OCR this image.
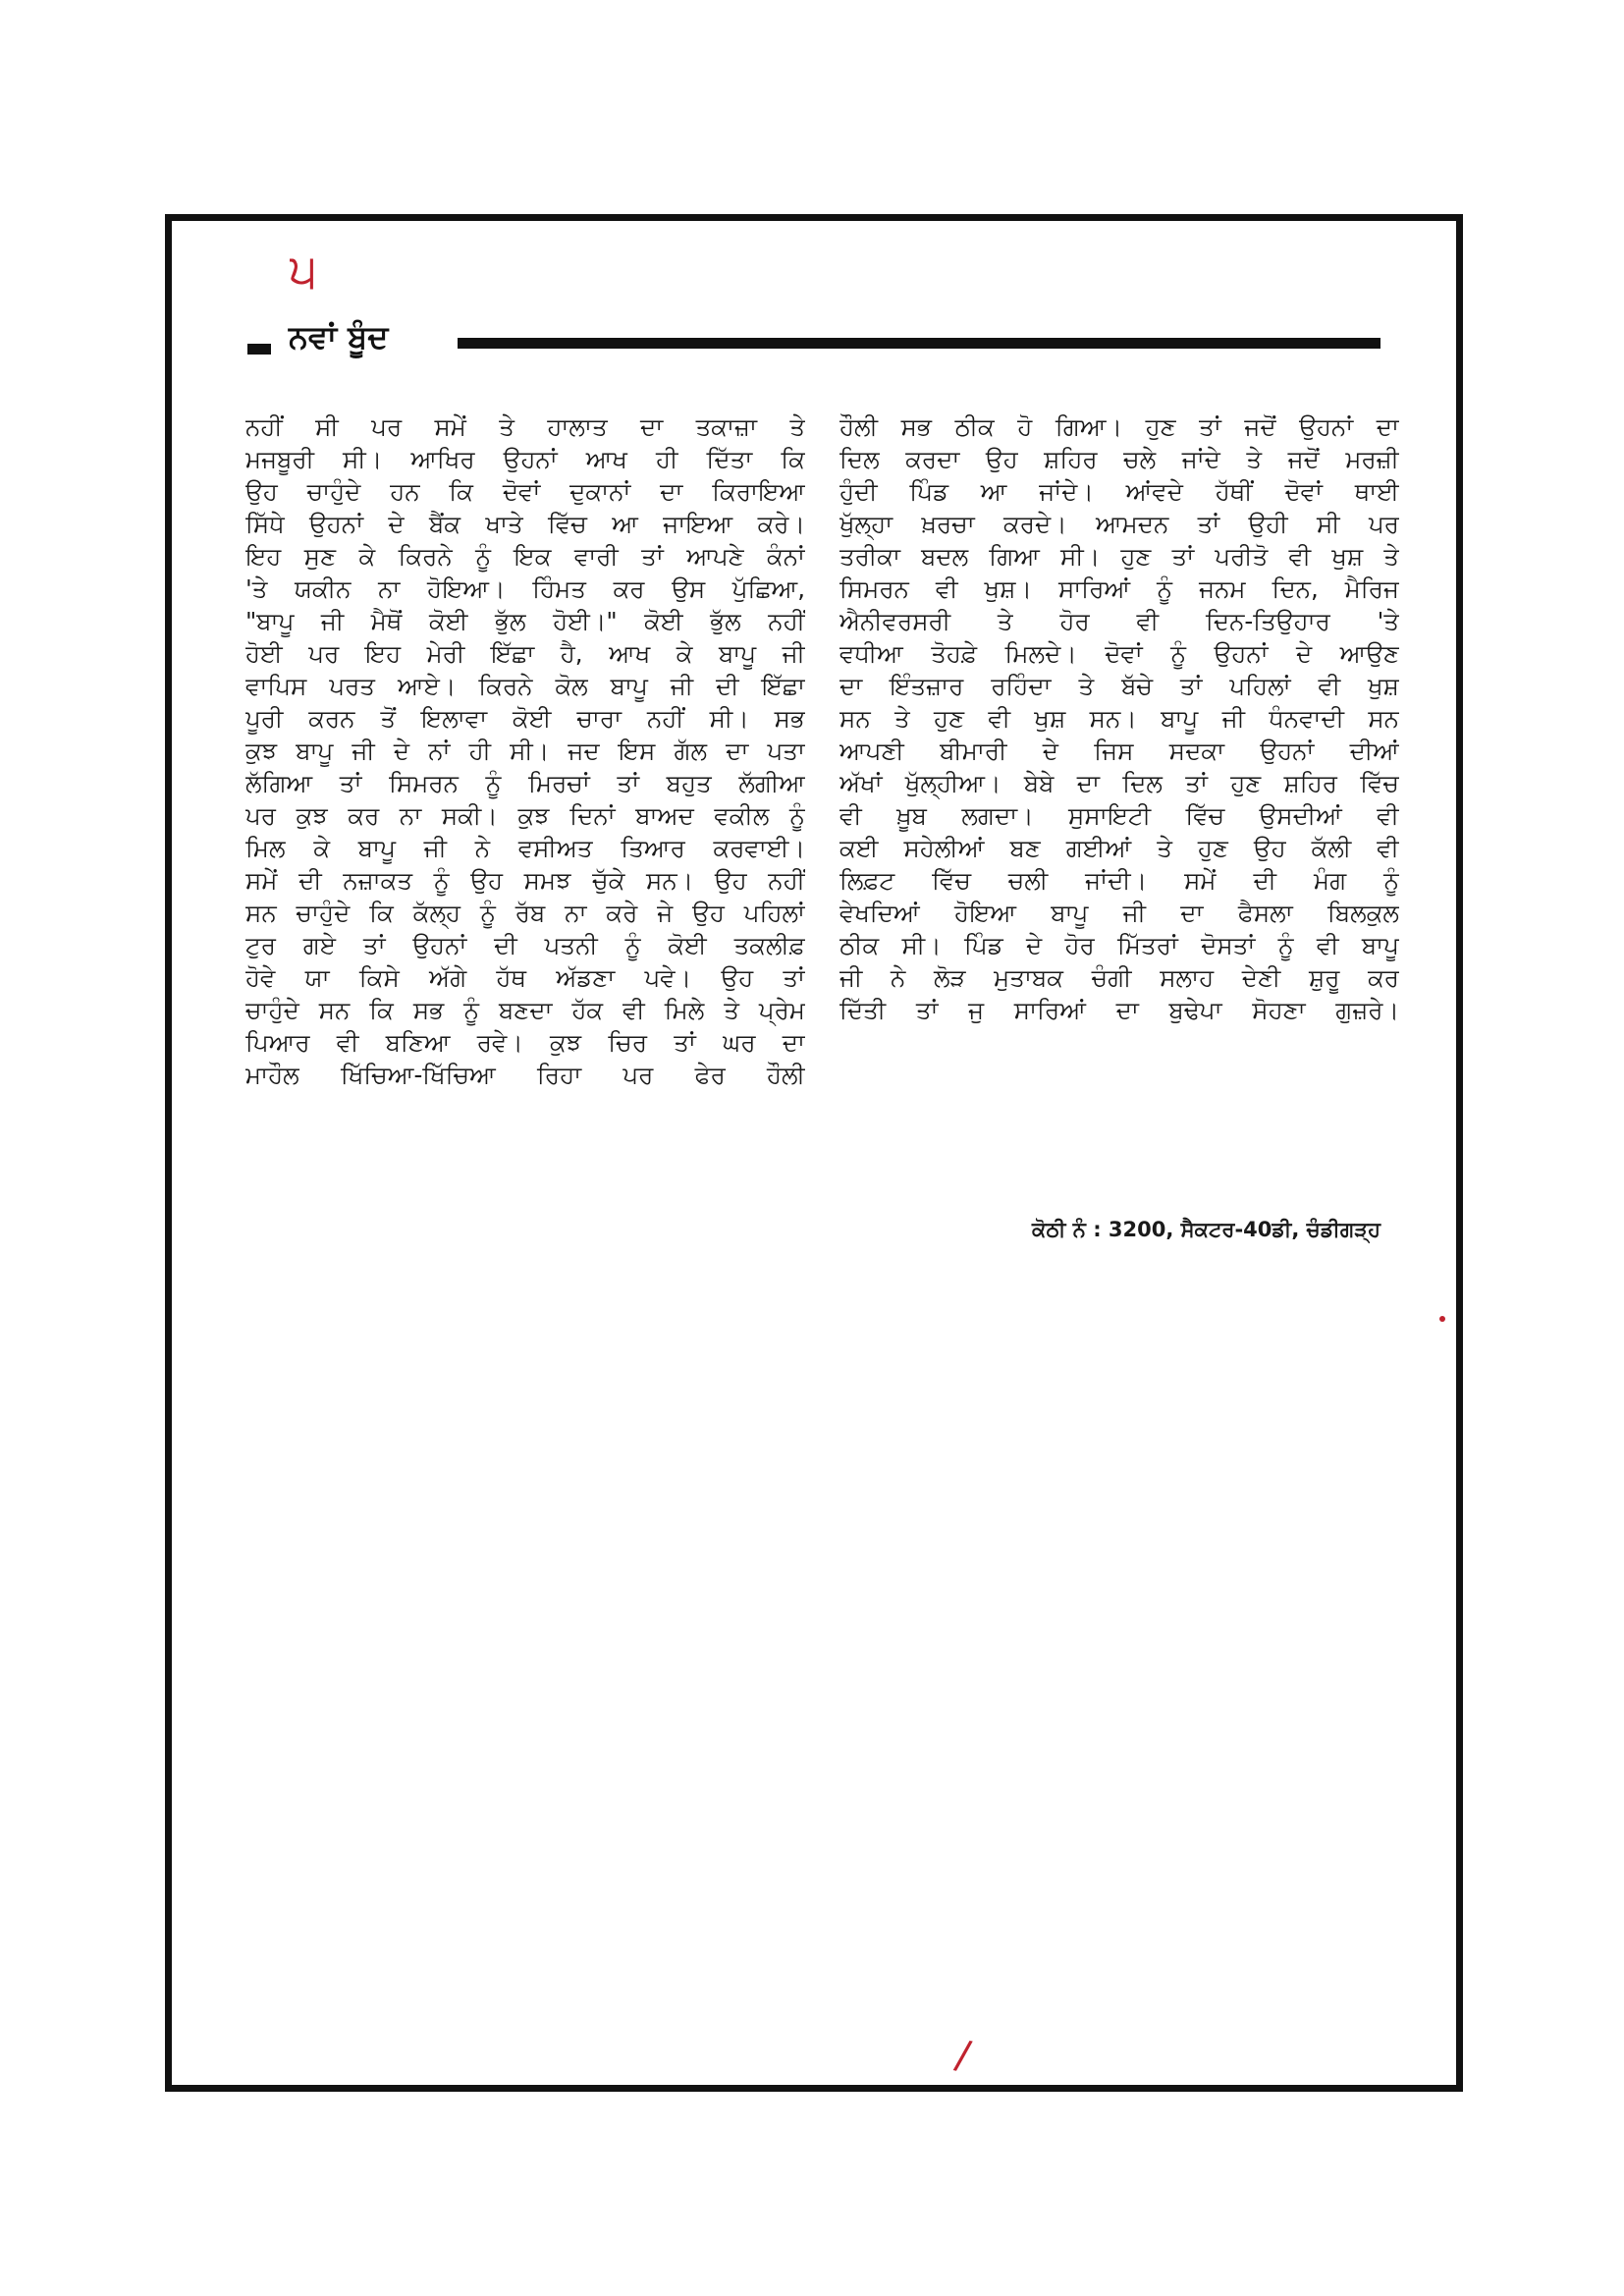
੫
ਨਵਾਂ ਬੂੰਦ
ਨਹੀਂ ਸੀ ਪਰ ਸਮੇਂ ਤੇ ਹਾਲਾਤ ਦਾ ਤਕਾਜ਼ਾ ਤੇ
ਮਜਬੂਰੀ ਸੀ। ਆਖਿਰ ਉਹਨਾਂ ਆਖ ਹੀ ਦਿੱਤਾ ਕਿ
ਉਹ ਚਾਹੁੰਦੇ ਹਨ ਕਿ ਦੋਵਾਂ ਦੁਕਾਨਾਂ ਦਾ ਕਿਰਾਇਆ
ਸਿੱਧੇ ਉਹਨਾਂ ਦੇ ਬੈਂਕ ਖਾਤੇ ਵਿੱਚ ਆ ਜਾਇਆ ਕਰੇ।
ਇਹ ਸੁਣ ਕੇ ਕਿਰਨੇ ਨੂੰ ਇਕ ਵਾਰੀ ਤਾਂ ਆਪਣੇ ਕੰਨਾਂ
'ਤੇ ਯਕੀਨ ਨਾ ਹੋਇਆ। ਹਿੰਮਤ ਕਰ ਉਸ ਪੁੱਛਿਆ,
"ਬਾਪੂ ਜੀ ਮੈਥੋਂ ਕੋਈ ਭੁੱਲ ਹੋਈ।" ਕੋਈ ਭੁੱਲ ਨਹੀਂ
ਹੋਈ ਪਰ ਇਹ ਮੇਰੀ ਇੱਛਾ ਹੈ, ਆਖ ਕੇ ਬਾਪੂ ਜੀ
ਵਾਪਿਸ ਪਰਤ ਆਏ। ਕਿਰਨੇ ਕੋਲ ਬਾਪੂ ਜੀ ਦੀ ਇੱਛਾ
ਪੂਰੀ ਕਰਨ ਤੋਂ ਇਲਾਵਾ ਕੋਈ ਚਾਰਾ ਨਹੀਂ ਸੀ। ਸਭ
ਕੁਝ ਬਾਪੂ ਜੀ ਦੇ ਨਾਂ ਹੀ ਸੀ। ਜਦ ਇਸ ਗੱਲ ਦਾ ਪਤਾ
ਲੱਗਿਆ ਤਾਂ ਸਿਮਰਨ ਨੂੰ ਮਿਰਚਾਂ ਤਾਂ ਬਹੁਤ ਲੱਗੀਆ
ਪਰ ਕੁਝ ਕਰ ਨਾ ਸਕੀ। ਕੁਝ ਦਿਨਾਂ ਬਾਅਦ ਵਕੀਲ ਨੂੰ
ਮਿਲ ਕੇ ਬਾਪੂ ਜੀ ਨੇ ਵਸੀਅਤ ਤਿਆਰ ਕਰਵਾਈ।
ਸਮੇਂ ਦੀ ਨਜ਼ਾਕਤ ਨੂੰ ਉਹ ਸਮਝ ਚੁੱਕੇ ਸਨ। ਉਹ ਨਹੀਂ
ਸਨ ਚਾਹੁੰਦੇ ਕਿ ਕੱਲ੍ਹ ਨੂੰ ਰੱਬ ਨਾ ਕਰੇ ਜੇ ਉਹ ਪਹਿਲਾਂ
ਟੁਰ ਗਏ ਤਾਂ ਉਹਨਾਂ ਦੀ ਪਤਨੀ ਨੂੰ ਕੋਈ ਤਕਲੀਫ਼
ਹੋਵੇ ਯਾ ਕਿਸੇ ਅੱਗੇ ਹੱਥ ਅੱਡਣਾ ਪਵੇ। ਉਹ ਤਾਂ
ਚਾਹੁੰਦੇ ਸਨ ਕਿ ਸਭ ਨੂੰ ਬਣਦਾ ਹੱਕ ਵੀ ਮਿਲੇ ਤੇ ਪ੍ਰੇਮ
ਪਿਆਰ ਵੀ ਬਣਿਆ ਰਵੇ। ਕੁਝ ਚਿਰ ਤਾਂ ਘਰ ਦਾ
ਮਾਹੌਲ ਖਿੱਚਿਆ-ਖਿੱਚਿਆ ਰਿਹਾ ਪਰ ਫੇਰ ਹੌਲੀ
ਹੌਲੀ ਸਭ ਠੀਕ ਹੋ ਗਿਆ। ਹੁਣ ਤਾਂ ਜਦੋਂ ਉਹਨਾਂ ਦਾ
ਦਿਲ ਕਰਦਾ ਉਹ ਸ਼ਹਿਰ ਚਲੇ ਜਾਂਦੇ ਤੇ ਜਦੋਂ ਮਰਜ਼ੀ
ਹੁੰਦੀ ਪਿੰਡ ਆ ਜਾਂਦੇ। ਆਂਵਦੇ ਹੱਥੀਂ ਦੋਵਾਂ ਥਾਈ
ਖੁੱਲ੍ਹਾ ਖ਼ਰਚਾ ਕਰਦੇ। ਆਮਦਨ ਤਾਂ ਉਹੀ ਸੀ ਪਰ
ਤਰੀਕਾ ਬਦਲ ਗਿਆ ਸੀ। ਹੁਣ ਤਾਂ ਪਰੀਤੋ ਵੀ ਖੁਸ਼ ਤੇ
ਸਿਮਰਨ ਵੀ ਖੁਸ਼। ਸਾਰਿਆਂ ਨੂੰ ਜਨਮ ਦਿਨ, ਮੈਰਿਜ
ਐਨੀਵਰਸਰੀ ਤੇ ਹੋਰ ਵੀ ਦਿਨ-ਤਿਉਹਾਰ 'ਤੇ
ਵਧੀਆ ਤੋਹਫ਼ੇ ਮਿਲਦੇ। ਦੋਵਾਂ ਨੂੰ ਉਹਨਾਂ ਦੇ ਆਉਣ
ਦਾ ਇੰਤਜ਼ਾਰ ਰਹਿੰਦਾ ਤੇ ਬੱਚੇ ਤਾਂ ਪਹਿਲਾਂ ਵੀ ਖੁਸ਼
ਸਨ ਤੇ ਹੁਣ ਵੀ ਖੁਸ਼ ਸਨ। ਬਾਪੂ ਜੀ ਧੰਨਵਾਦੀ ਸਨ
ਆਪਣੀ ਬੀਮਾਰੀ ਦੇ ਜਿਸ ਸਦਕਾ ਉਹਨਾਂ ਦੀਆਂ
ਅੱਖਾਂ ਖੁੱਲ੍ਹੀਆ। ਬੇਬੇ ਦਾ ਦਿਲ ਤਾਂ ਹੁਣ ਸ਼ਹਿਰ ਵਿੱਚ
ਵੀ ਖ਼ੂਬ ਲਗਦਾ। ਸੁਸਾਇਟੀ ਵਿੱਚ ਉਸਦੀਆਂ ਵੀ
ਕਈ ਸਹੇਲੀਆਂ ਬਣ ਗਈਆਂ ਤੇ ਹੁਣ ਉਹ ਕੱਲੀ ਵੀ
ਲਿਫ਼ਟ ਵਿੱਚ ਚਲੀ ਜਾਂਦੀ। ਸਮੇਂ ਦੀ ਮੰਗ ਨੂੰ
ਵੇਖਦਿਆਂ ਹੋਇਆ ਬਾਪੂ ਜੀ ਦਾ ਫੈਸਲਾ ਬਿਲਕੁਲ
ਠੀਕ ਸੀ। ਪਿੰਡ ਦੇ ਹੋਰ ਮਿੱਤਰਾਂ ਦੋਸਤਾਂ ਨੂੰ ਵੀ ਬਾਪੂ
ਜੀ ਨੇ ਲੋੜ ਮੁਤਾਬਕ ਚੰਗੀ ਸਲਾਹ ਦੇਣੀ ਸ਼ੁਰੂ ਕਰ
ਦਿੱਤੀ ਤਾਂ ਜੁ ਸਾਰਿਆਂ ਦਾ ਬੁਢੇਪਾ ਸੋਹਣਾ ਗੁਜ਼ਰੇ।
ਕੋਠੀ ਨੰ : 3200, ਸੈਕਟਰ-40ਡੀ, ਚੰਡੀਗੜ੍ਹ
/
